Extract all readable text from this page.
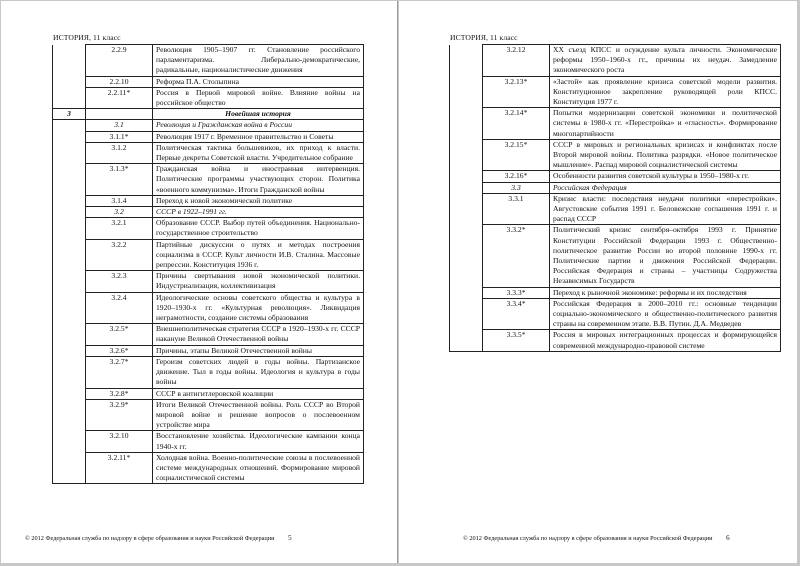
ИСТОРИЯ, 11 класс
	2.2.9	Революция 1905–1907 гг. Становление российского парламентаризма. Либерально-демократические, радикальные, националистические движения
	2.2.10	Реформа П.А. Столыпина
	2.2.11*	Россия в Первой мировой войне. Влияние войны на российское общество
3		Новейшая история
	3.1	Революция и Гражданская война в России
	3.1.1*	Революция 1917 г. Временное правительство и Советы
	3.1.2	Политическая тактика большевиков, их приход к власти. Первые декреты Советской власти. Учредительное собрание
	3.1.3*	Гражданская война и иностранная интервенция. Политические программы участвующих сторон. Политика «военного коммунизма». Итоги Гражданской войны
	3.1.4	Переход к новой экономической политике
	3.2	СССР в 1922–1991 гг.
	3.2.1	Образование СССР. Выбор путей объединения. Национально-государственное строительство
	3.2.2	Партийные дискуссии о путях и методах построения социализма в СССР. Культ личности И.В. Сталина. Массовые репрессии. Конституция 1936 г.
	3.2.3	Причины свертывания новой экономической политики. Индустриализация, коллективизация
	3.2.4	Идеологические основы советского общества и культура в 1920–1930-х гг. «Культурная революция». Ликвидация неграмотности, создание системы образования
	3.2.5*	Внешнеполитическая стратегия СССР в 1920–1930-х гг. СССР накануне Великой Отечественной войны
	3.2.6*	Причины, этапы Великой Отечественной войны
	3.2.7*	Героизм советских людей в годы войны. Партизанское движение. Тыл в годы войны. Идеология и культура в годы войны
	3.2.8*	СССР в антигитлеровской коалиции
	3.2.9*	Итоги Великой Отечественной войны. Роль СССР во Второй мировой войне и решение вопросов о послевоенном устройстве мира
	3.2.10	Восстановление хозяйства. Идеологические кампании конца 1940-х гг.
	3.2.11*	Холодная война. Военно-политические союзы в послевоенной системе международных отношений. Формирование мировой социалистической системы
© 2012 Федеральная служба по надзору в сфере образования и науки Российской Федерации 5
ИСТОРИЯ, 11 класс
	3.2.12	XX съезд КПСС и осуждение культа личности. Экономические реформы 1950–1960-х гг., причины их неудач. Замедление экономического роста
	3.2.13*	«Застой» как проявление кризиса советской модели развития. Конституционное закрепление руководящей роли КПСС. Конституция 1977 г.
	3.2.14*	Попытки модернизации советской экономики и политической системы в 1980-х гг. «Перестройка» и «гласность». Формирование многопартийности
	3.2.15*	СССР в мировых и региональных кризисах и конфликтах после Второй мировой войны. Политика разрядки. «Новое политическое мышление». Распад мировой социалистической системы
	3.2.16*	Особенности развития советской культуры в 1950–1980-х гг.
	3.3	Российская Федерация
	3.3.1	Кризис власти: последствия неудачи политики «перестройки». Августовские события 1991 г. Беловежские соглашения 1991 г. и распад СССР
	3.3.2*	Политический кризис сентября–октября 1993 г. Принятие Конституции Российской Федерации 1993 г. Общественно-политическое развитие России во второй половине 1990-х гг. Политические партии и движения Российской Федерации. Российская Федерация и страны – участницы Содружества Независимых Государств
	3.3.3*	Переход к рыночной экономике: реформы и их последствия
	3.3.4*	Российская Федерация в 2000–2010 гг.: основные тенденции социально-экономического и общественно-политического развития страны на современном этапе. В.В. Путин. Д.А. Медведев
	3.3.5*	Россия в мировых интеграционных процессах и формирующейся современной международно-правовой системе
© 2012 Федеральная служба по надзору в сфере образования и науки Российской Федерации 6
